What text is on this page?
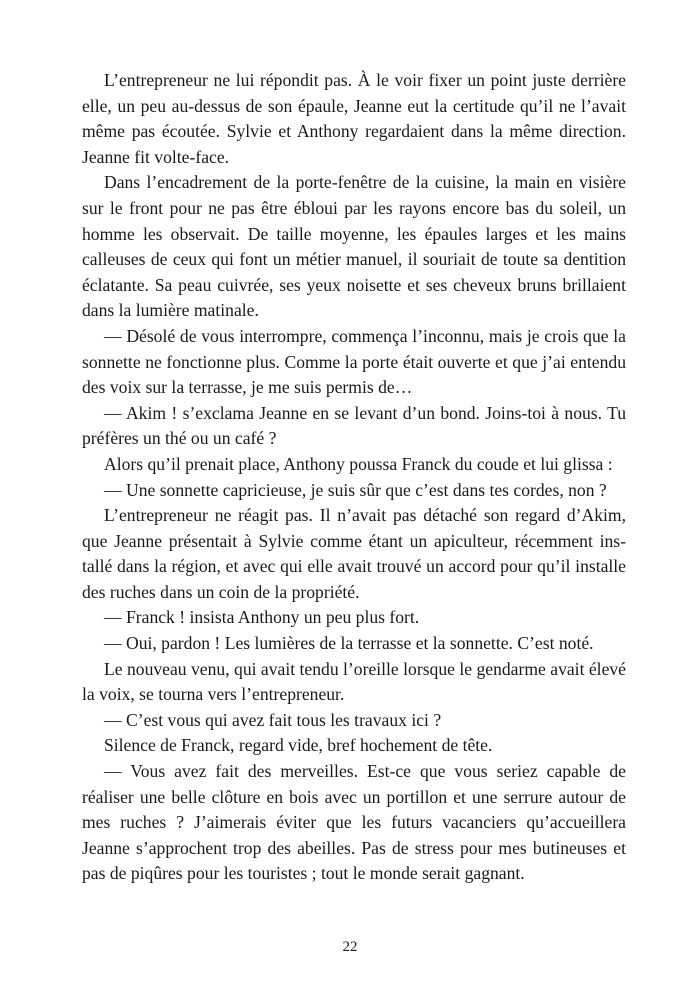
L’entrepreneur ne lui répondit pas. À le voir fixer un point juste derrière elle, un peu au-dessus de son épaule, Jeanne eut la certitude qu’il ne l’avait même pas écoutée. Sylvie et Anthony regardaient dans la même direction. Jeanne fit volte-face.

Dans l’encadrement de la porte-fenêtre de la cuisine, la main en visière sur le front pour ne pas être ébloui par les rayons encore bas du soleil, un homme les observait. De taille moyenne, les épaules larges et les mains calleuses de ceux qui font un métier manuel, il souriait de toute sa dentition éclatante. Sa peau cuivrée, ses yeux noisette et ses cheveux bruns brillaient dans la lumière matinale.

— Désolé de vous interrompre, commença l’inconnu, mais je crois que la sonnette ne fonctionne plus. Comme la porte était ouverte et que j’ai entendu des voix sur la terrasse, je me suis permis de…

— Akim ! s’exclama Jeanne en se levant d’un bond. Joins-toi à nous. Tu préfères un thé ou un café ?

Alors qu’il prenait place, Anthony poussa Franck du coude et lui glissa :

— Une sonnette capricieuse, je suis sûr que c’est dans tes cordes, non ?

L’entrepreneur ne réagit pas. Il n’avait pas détaché son regard d’Akim, que Jeanne présentait à Sylvie comme étant un apiculteur, récemment installé dans la région, et avec qui elle avait trouvé un accord pour qu’il installe des ruches dans un coin de la propriété.

— Franck ! insista Anthony un peu plus fort.

— Oui, pardon ! Les lumières de la terrasse et la sonnette. C’est noté.

Le nouveau venu, qui avait tendu l’oreille lorsque le gendarme avait élevé la voix, se tourna vers l’entrepreneur.

— C’est vous qui avez fait tous les travaux ici ?

Silence de Franck, regard vide, bref hochement de tête.

— Vous avez fait des merveilles. Est-ce que vous seriez capable de réaliser une belle clôture en bois avec un portillon et une serrure autour de mes ruches ? J’aimerais éviter que les futurs vacanciers qu’accueillera Jeanne s’approchent trop des abeilles. Pas de stress pour mes butineuses et pas de piqûres pour les touristes ; tout le monde serait gagnant.

22
